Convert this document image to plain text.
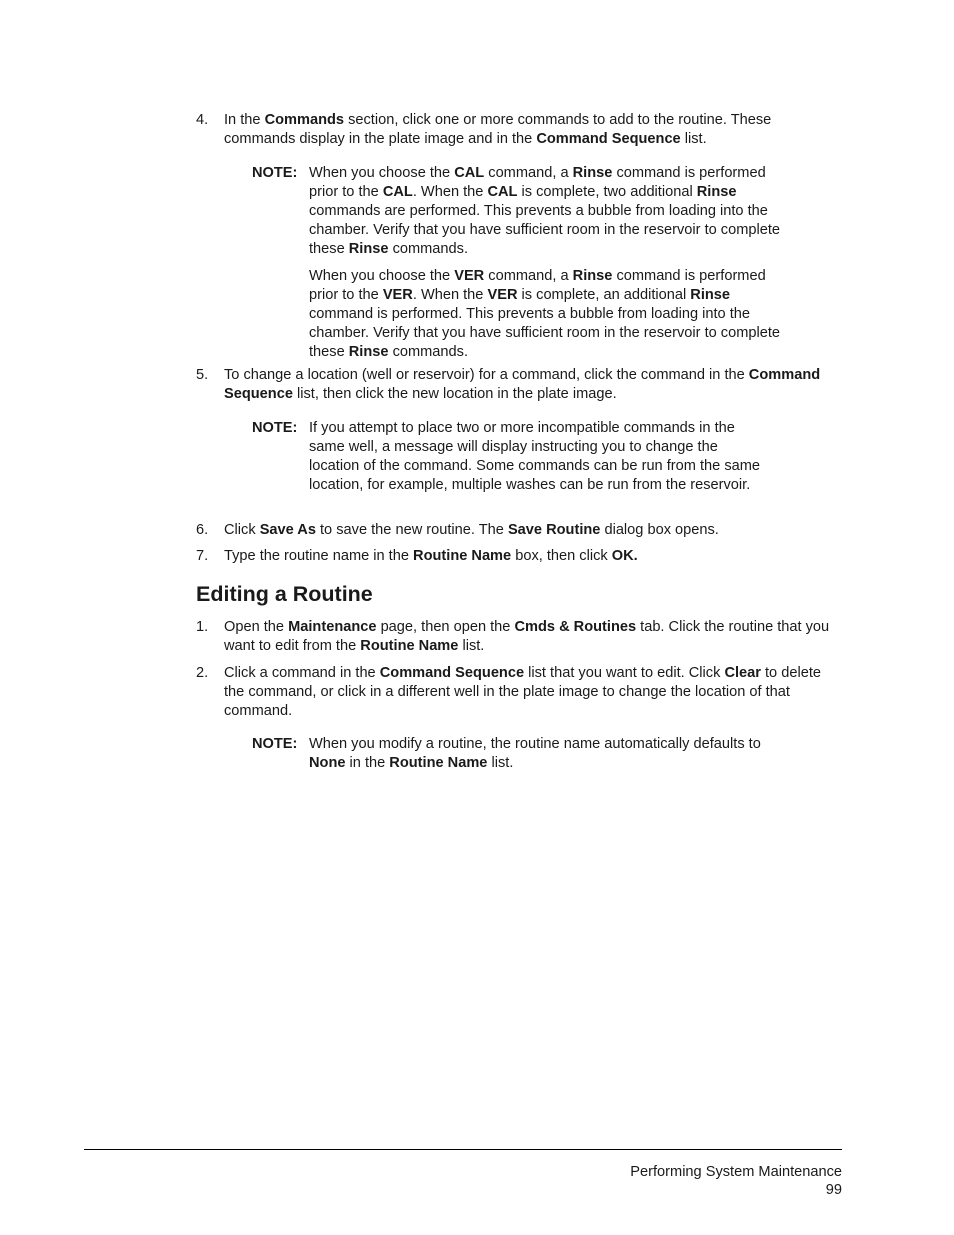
4.	In the Commands section, click one or more commands to add to the routine. These commands display in the plate image and in the Command Sequence list.
NOTE: When you choose the CAL command, a Rinse command is performed prior to the CAL. When the CAL is complete, two additional Rinse commands are performed. This prevents a bubble from loading into the chamber. Verify that you have sufficient room in the reservoir to complete these Rinse commands.

When you choose the VER command, a Rinse command is performed prior to the VER. When the VER is complete, an additional Rinse command is performed. This prevents a bubble from loading into the chamber. Verify that you have sufficient room in the reservoir to complete these Rinse commands.

5.	To change a location (well or reservoir) for a command, click the command in the Command Sequence list, then click the new location in the plate image.
NOTE: If you attempt to place two or more incompatible commands in the same well, a message will display instructing you to change the location of the command. Some commands can be run from the same location, for example, multiple washes can be run from the reservoir.

6.	Click Save As to save the new routine. The Save Routine dialog box opens.
7.	Type the routine name in the Routine Name box, then click OK.
Editing a Routine
1.	Open the Maintenance page, then open the Cmds & Routines tab. Click the routine that you want to edit from the Routine Name list.
2.	Click a command in the Command Sequence list that you want to edit. Click Clear to delete the command, or click in a different well in the plate image to change the location of that command.
NOTE: When you modify a routine, the routine name automatically defaults to None in the Routine Name list.

Performing System Maintenance
99
